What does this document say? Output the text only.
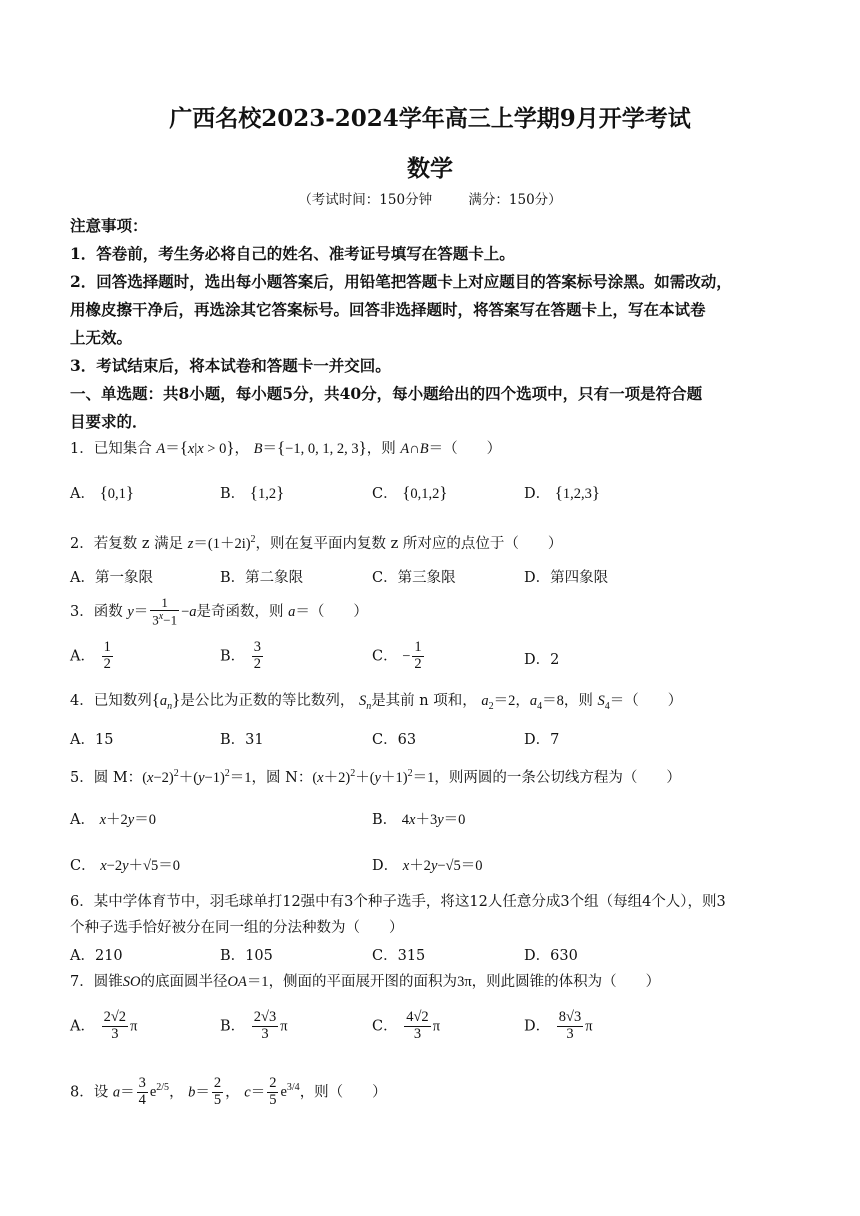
广西名校2023-2024学年高三上学期9月开学考试
数学
（考试时间：150分钟	满分：150分）
注意事项：
1．答卷前，考生务必将自己的姓名、准考证号填写在答题卡上。
2．回答选择题时，选出每小题答案后，用铅笔把答题卡上对应题目的答案标号涂黑。如需改动，
用橡皮擦干净后，再选涂其它答案标号。回答非选择题时，将答案写在答题卡上，写在本试卷
上无效。
3．考试结束后，将本试卷和答题卡一并交回。
一、单选题：共8小题，每小题5分，共40分，每小题给出的四个选项中，只有一项是符合题
目要求的．
1．已知集合 A＝{x|x > 0}， B＝{−1, 0, 1, 2, 3}，则 A∩B＝（　　）
A． {0,1}	B． {1,2}	C． {0,1,2}	D． {1,2,3}
2．若复数 z 满足 $z=(1+2i)^2$，则在复平面内复数 z 所对应的点位于（　　）
A．第一象限	B．第二象限	C．第三象限	D．第四象限
3．函数 $y= \frac{1}{3^x-1} -a$是奇函数，则 a＝（　　）
A． $\frac{1}{2}$	B． $\frac{3}{2}$	C． − $\frac{1}{2}$	D．2
4．已知数列$\{a_n\}$是公比为正数的等比数列， $S_n$是其前 n 项和， $a_2=2$，$a_4=8$，则 $S_4=$（　　）
A．15	B．31	C．63	D．7
5．圆 M：$(x-2)^2+(y-1)^2=1$，圆 N：$(x+2)^2+(y+1)^2=1$，则两圆的一条公切线方程为（　　）
A． x＋2y＝0	B． 4x＋3y＝0
C． x−2y＋√5＝0	D． x＋2y−√5＝0
6．某中学体育节中，羽毛球单打12强中有3个种子选手，将这12人任意分成3个组（每组4个人），则3
个种子选手恰好被分在同一组的分法种数为（　　）
A．210	B．105	C．315	D．630
7．圆锥SO的底面圆半径OA＝1，侧面的平面展开图的面积为3π，则此圆锥的体积为（　　）
A． $\frac{2√2}{3}$ π	B． $\frac{2√3}{3}$ π	C． $\frac{4√2}{3}$ π	D． $\frac{8√3}{3}$ π
8．设 $a= \frac{3}{4} e^{2/5}$， $b= \frac{2}{5}$ ， $c= \frac{2}{5} e^{3/4}$，则（　　）
